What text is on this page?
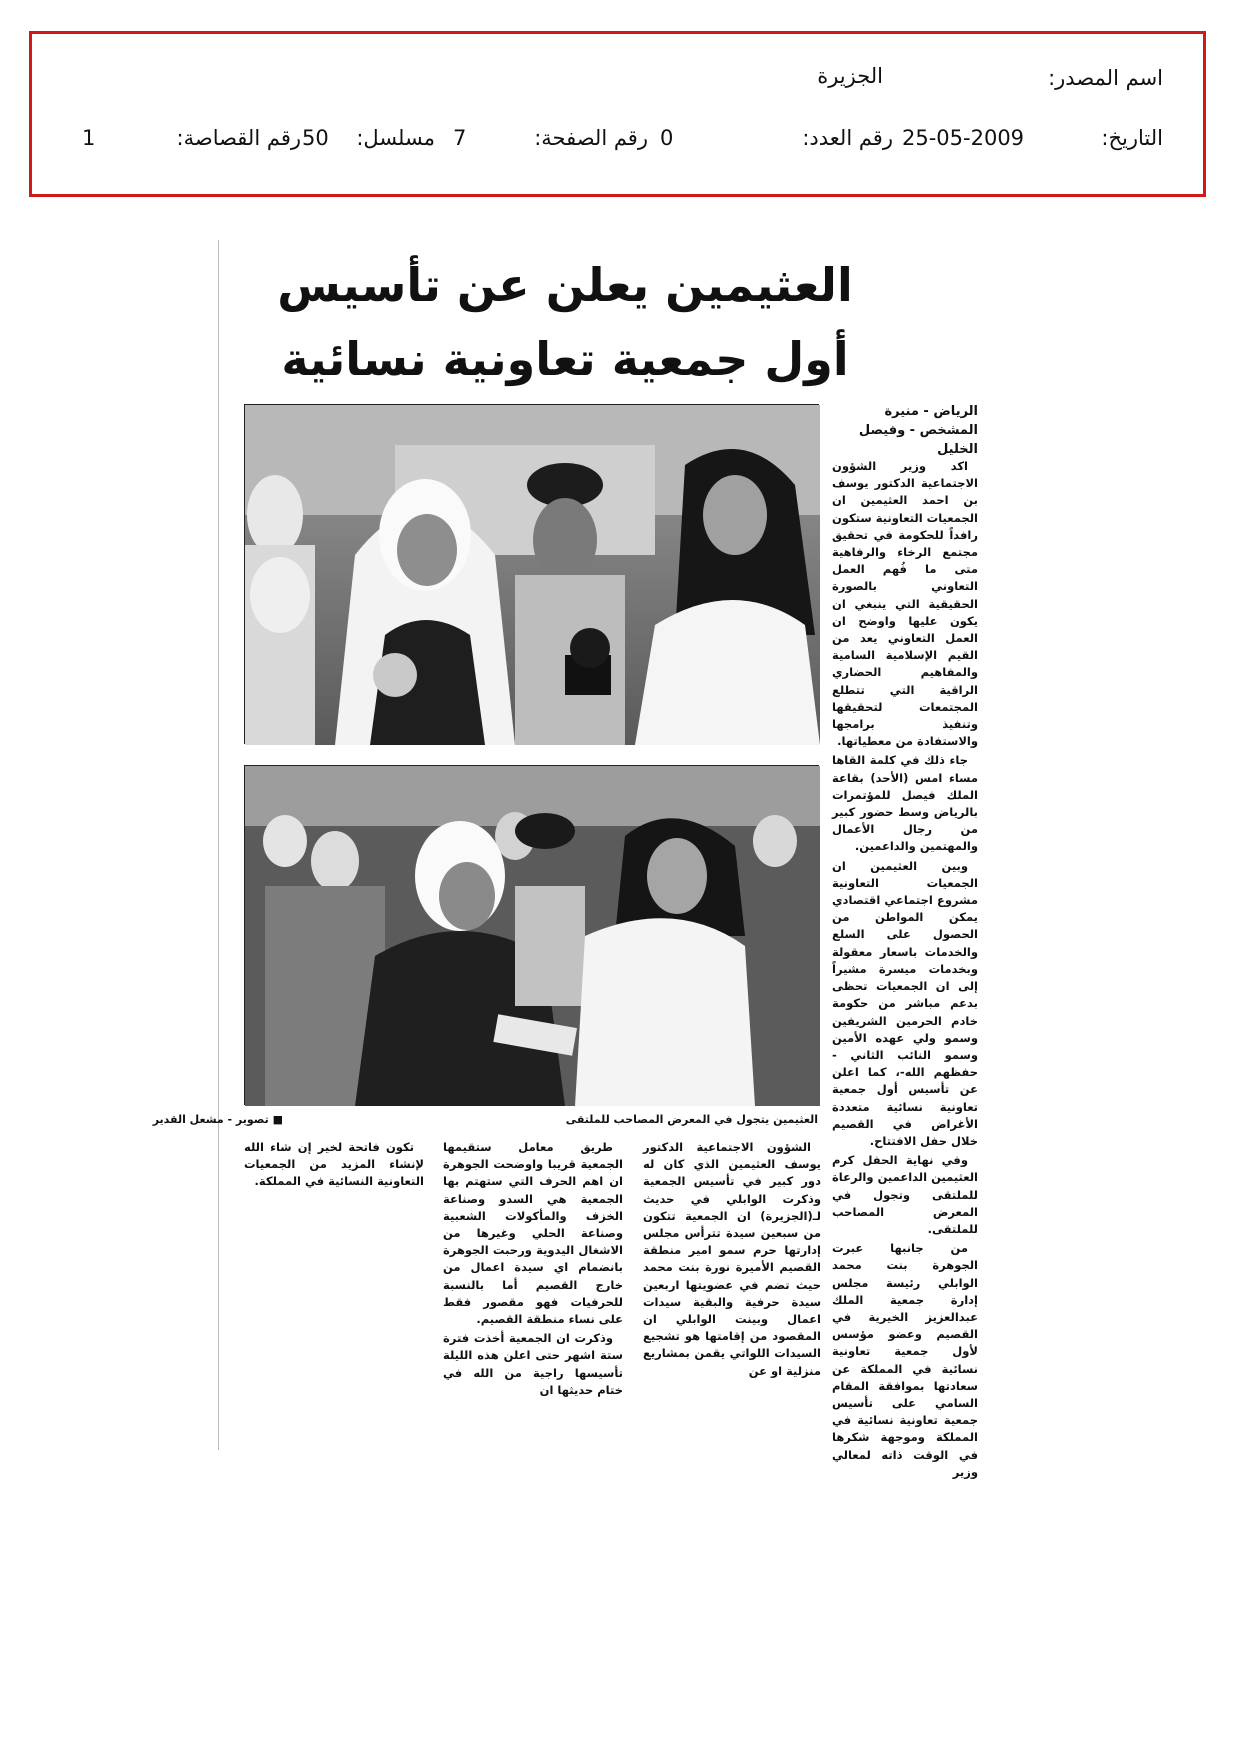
اسم المصدر:
الجزيرة
التاريخ:
25-05-2009
رقم العدد:
0
رقم الصفحة:
7
مسلسل:
50
رقم القصاصة:
1
العثيمين يعلن عن تأسيس
أول جمعية تعاونية نسائية
الرياض - منيرة المشخص - وفيصل الخليل
العثيمين يتجول في المعرض المصاحب للملتقى
■ تصوير - مشعل القدير

اكد وزير الشؤون الاجتماعية الدكتور يوسف بن احمد العثيمين ان الجمعيات التعاونية ستكون رافداً للحكومة في تحقيق مجتمع الرخاء والرفاهية متى ما فُهم العمل التعاوني بالصورة الحقيقية التي ينبغي ان يكون عليها واوضح ان العمل التعاوني يعد من القيم الإسلامية السامية والمفاهيم الحضاري الراقية التي تتطلع المجتمعات لتحقيقها وتنفيذ برامجها والاستفادة من معطياتها.

جاء ذلك في كلمة القاها مساء امس (الأحد) بقاعة الملك فيصل للمؤتمرات بالرياض وسط حضور كبير من رجال الأعمال والمهتمين والداعمين.

وبين العثيمين ان الجمعيات التعاونية مشروع اجتماعي اقتصادي يمكن المواطن من الحصول على السلع والخدمات باسعار معقولة وبخدمات ميسرة مشيراً إلى ان الجمعيات تحظى بدعم مباشر من حكومة خادم الحرمين الشريفين وسمو ولي عهده الأمين وسمو النائب الثاني - حفظهم الله-، كما اعلن عن تأسيس أول جمعية تعاونية نسائية متعددة الأغراض في القصيم خلال حفل الافتتاح.

وفي نهاية الحفل كرم العثيمين الداعمين والرعاة للملتقى وتجول في المعرض المصاحب للملتقى.

من جانبها عبرت الجوهرة بنت محمد الوابلي رئيسة مجلس إدارة جمعية الملك عبدالعزيز الخيرية في القصيم وعضو مؤسس لأول جمعية تعاونية نسائية في المملكة عن سعادتها بموافقة المقام السامي على تأسيس جمعية تعاونية نسائية في المملكة وموجهة شكرها في الوقت ذاته لمعالي وزير

الشؤون الاجتماعية الدكتور يوسف العثيمين الذي كان له دور كبير في تأسيس الجمعية وذكرت الوابلي في حديث لـ(الجزيرة) ان الجمعية تتكون من سبعين سيدة تترأس مجلس إدارتها حرم سمو امير منطقة القصيم الأميرة نورة بنت محمد حيث تضم في عضويتها اربعين سيدة حرفية والبقية سيدات اعمال وبينت الوابلي ان المقصود من إقامتها هو تشجيع السيدات اللواتي يقمن بمشاريع منزلية او عن

طريق معامل ستقيمها الجمعية قريبا واوضحت الجوهرة ان اهم الحرف التي ستهتم بها الجمعية هي السدو وصناعة الخزف والمأكولات الشعبية وصناعة الحلي وغيرها من الاشغال اليدوية ورحبت الجوهرة بانضمام اي سيدة اعمال من خارج القصيم أما بالنسبة للحرفيات فهو مقصور فقط على نساء منطقة القصيم.

وذكرت ان الجمعية أخذت فترة ستة اشهر حتى اعلن هذه الليلة تأسيسها راجية من الله في ختام حديثها ان

تكون فاتحة لخير إن شاء الله لإنشاء المزيد من الجمعيات التعاونية النسائية في المملكة.
